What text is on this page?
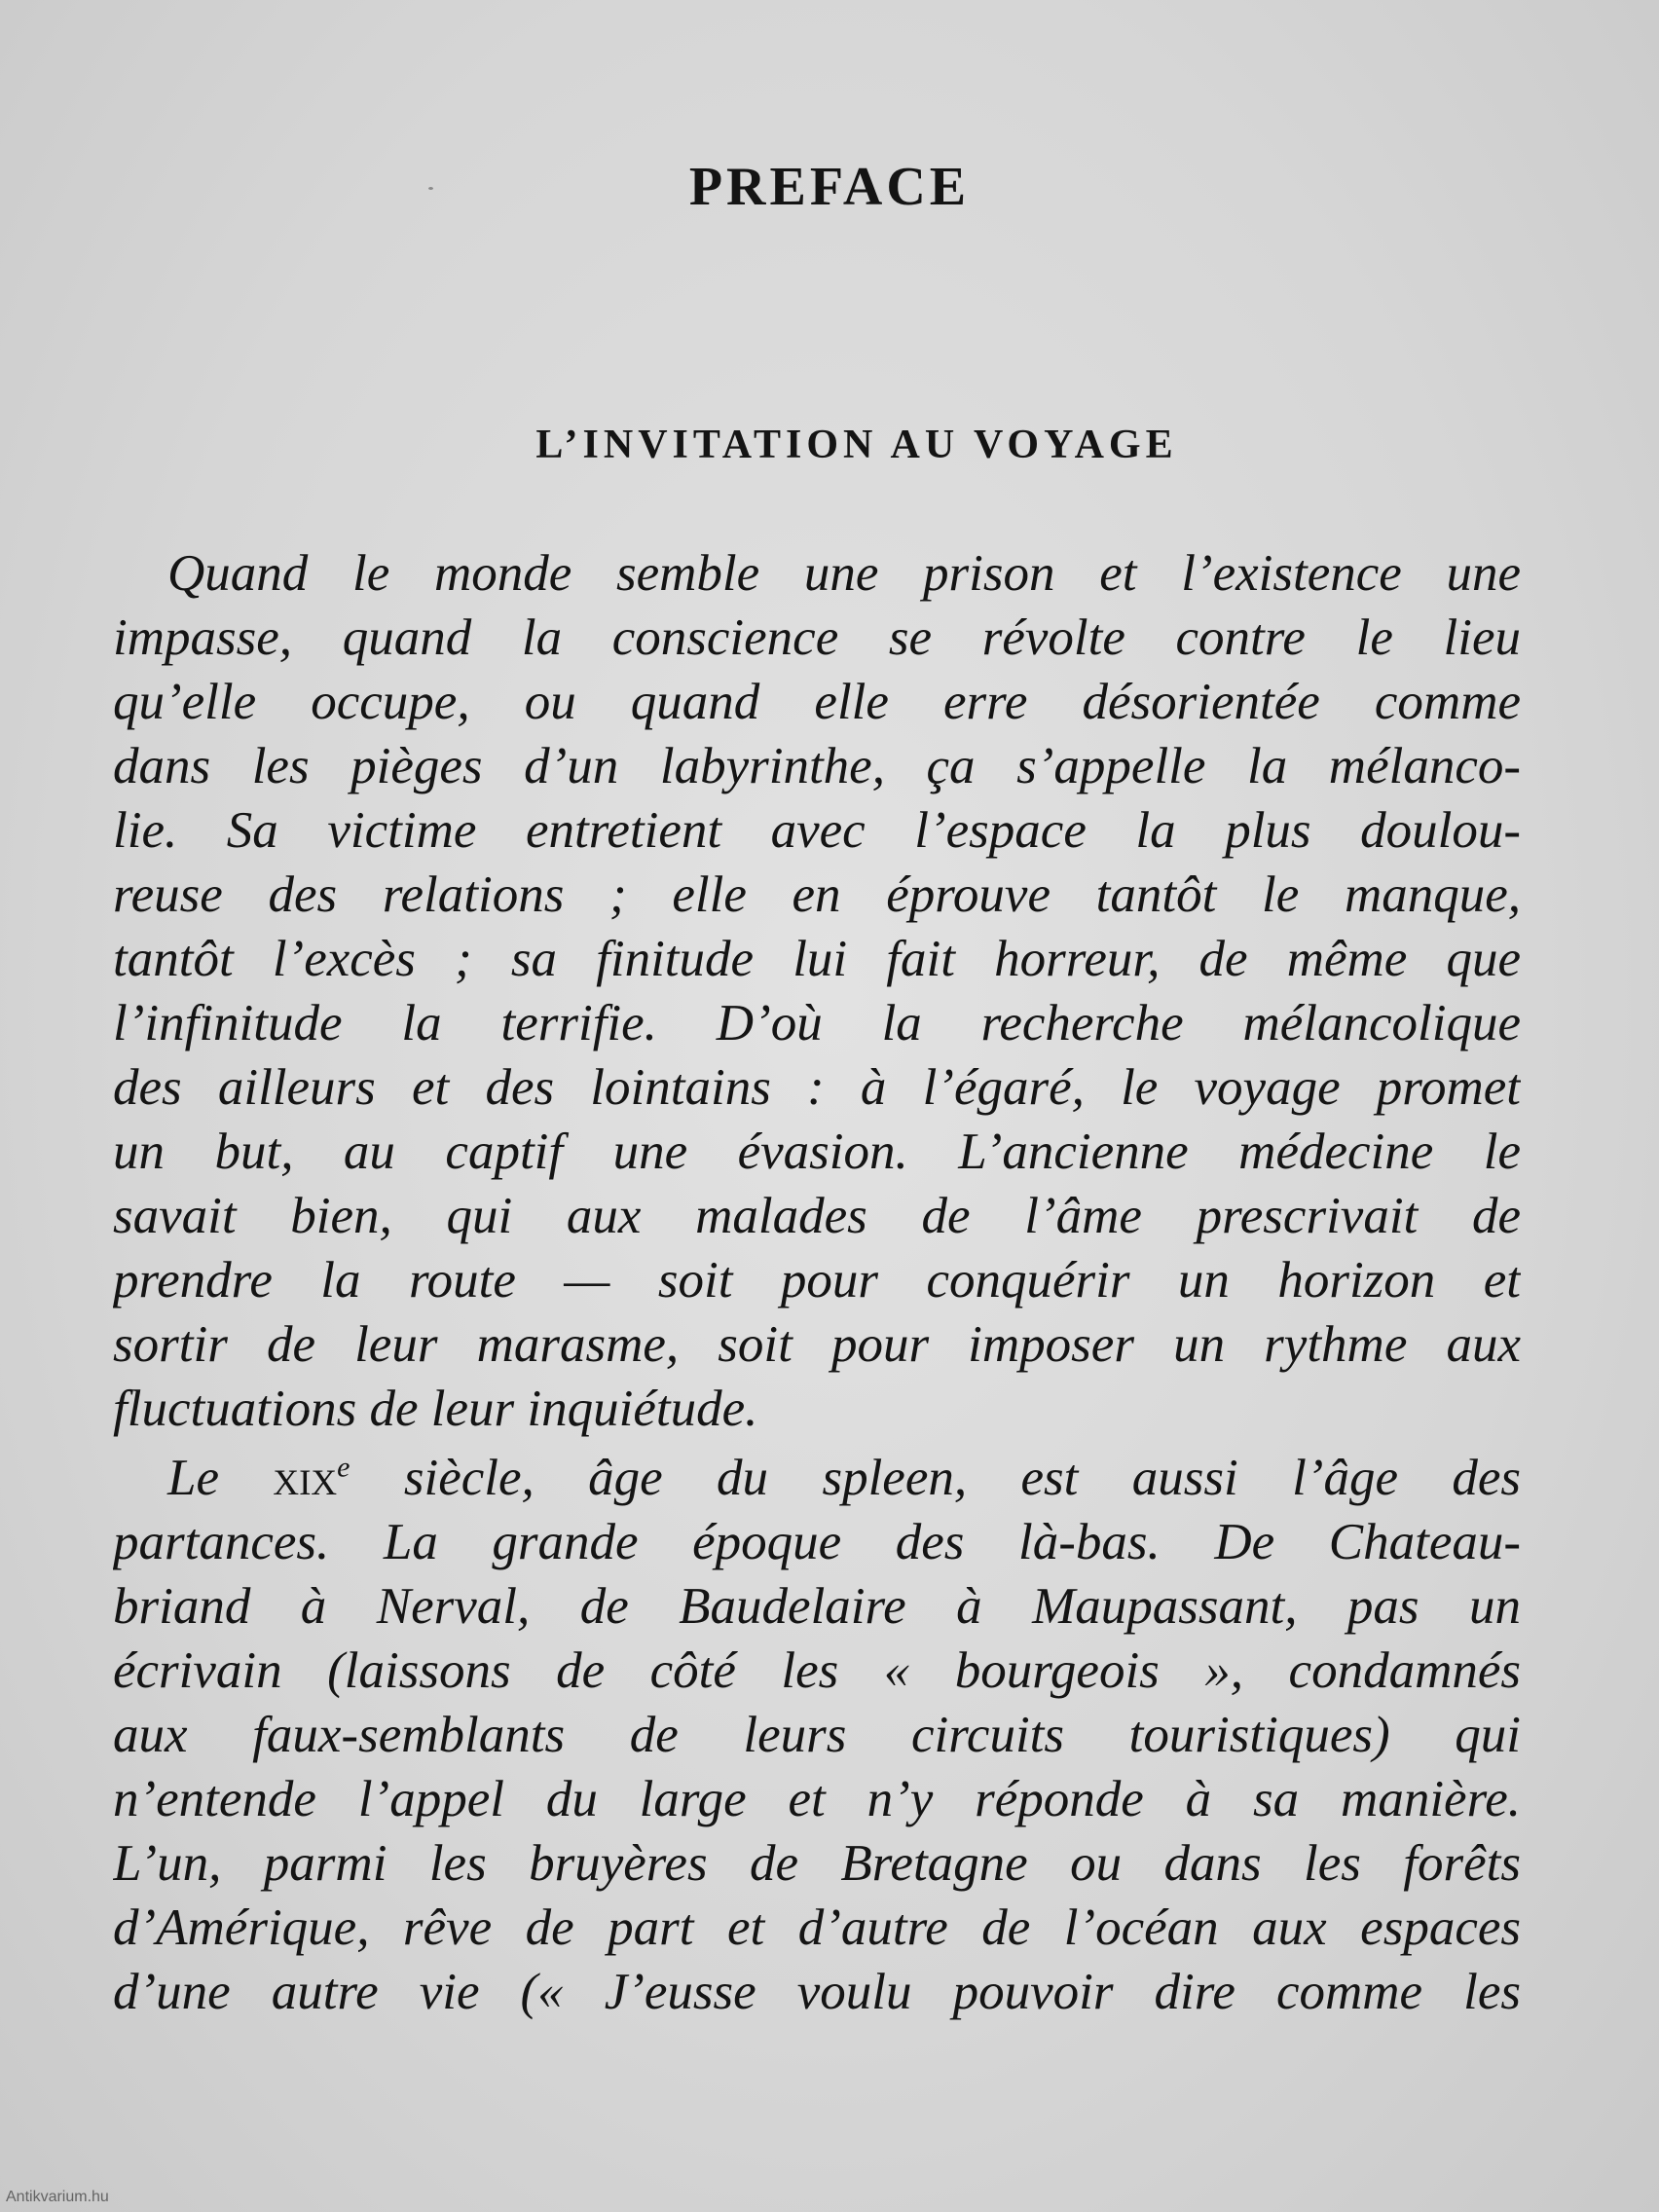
PREFACE
L’INVITATION AU VOYAGE
Quand le monde semble une prison et l’existence une
impasse, quand la conscience se révolte contre le lieu
qu’elle occupe, ou quand elle erre désorientée comme
dans les pièges d’un labyrinthe, ça s’appelle la mélanco-
lie. Sa victime entretient avec l’espace la plus doulou-
reuse des relations ; elle en éprouve tantôt le manque,
tantôt l’excès ; sa finitude lui fait horreur, de même que
l’infinitude la terrifie. D’où la recherche mélancolique
des ailleurs et des lointains : à l’égaré, le voyage promet
un but, au captif une évasion. L’ancienne médecine le
savait bien, qui aux malades de l’âme prescrivait de
prendre la route — soit pour conquérir un horizon et
sortir de leur marasme, soit pour imposer un rythme aux
fluctuations de leur inquiétude.
Le xix$^e$ siècle, âge du spleen, est aussi l’âge des
partances. La grande époque des là-bas. De Chateau-
briand à Nerval, de Baudelaire à Maupassant, pas un
écrivain (laissons de côté les « bourgeois », condamnés
aux faux-semblants de leurs circuits touristiques) qui
n’entende l’appel du large et n’y réponde à sa manière.
L’un, parmi les bruyères de Bretagne ou dans les forêts
d’Amérique, rêve de part et d’autre de l’océan aux espaces
d’une autre vie (« J’eusse voulu pouvoir dire comme les
Antikvarium.hu
